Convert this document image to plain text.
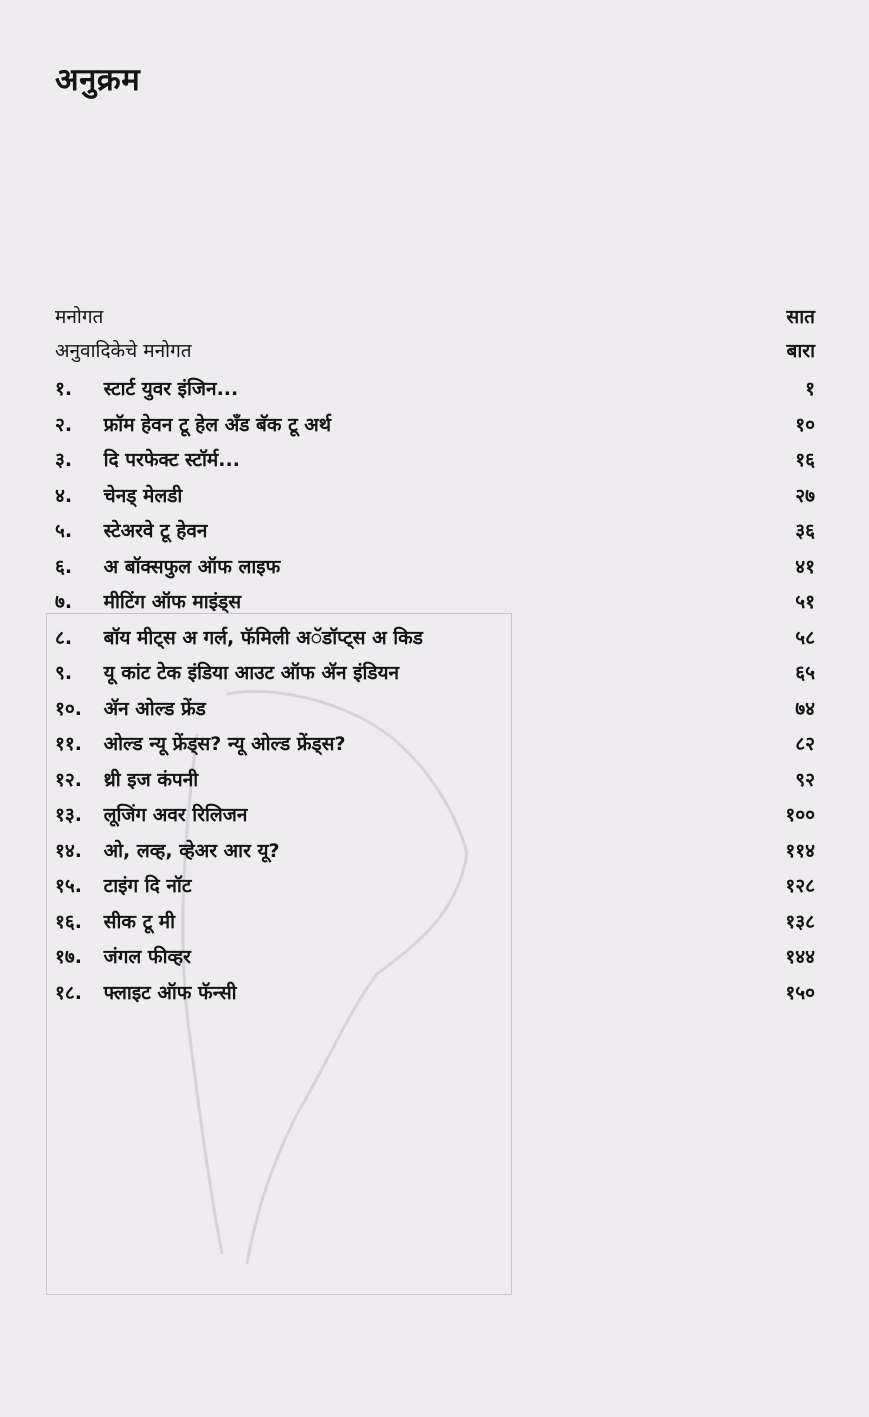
अनुक्रम
मनोगत	सात
अनुवादिकेचे मनोगत	बारा
१. स्टार्ट युवर इंजिन...	१
२. फ्रॉम हेवन टू हेल अँड बॅक टू अर्थ	१०
३. दि परफेक्ट स्टॉर्म...	१६
४. चेनड् मेलडी	२७
५. स्टेअरवे टू हेवन	३६
६. अ बॉक्सफुल ऑफ लाइफ	४१
७. मीटिंग ऑफ माइंड्स	५१
८. बॉय मीट्स अ गर्ल, फॅमिली अॅडॉप्ट्स अ किड	५८
९. यू कांट टेक इंडिया आउट ऑफ ॲन इंडियन	६५
१०. ॲन ओल्ड फ्रेंड	७४
११. ओल्ड न्यू फ्रेंड्स? न्यू ओल्ड फ्रेंड्स?	८२
१२. थ्री इज कंपनी	९२
१३. लूजिंग अवर रिलिजन	१००
१४. ओ, लव्ह, व्हेअर आर यू?	११४
१५. टाइंग दि नॉट	१२८
१६. सीक टू मी	१३८
१७. जंगल फीव्हर	१४४
१८. फ्लाइट ऑफ फॅन्सी	१५०
